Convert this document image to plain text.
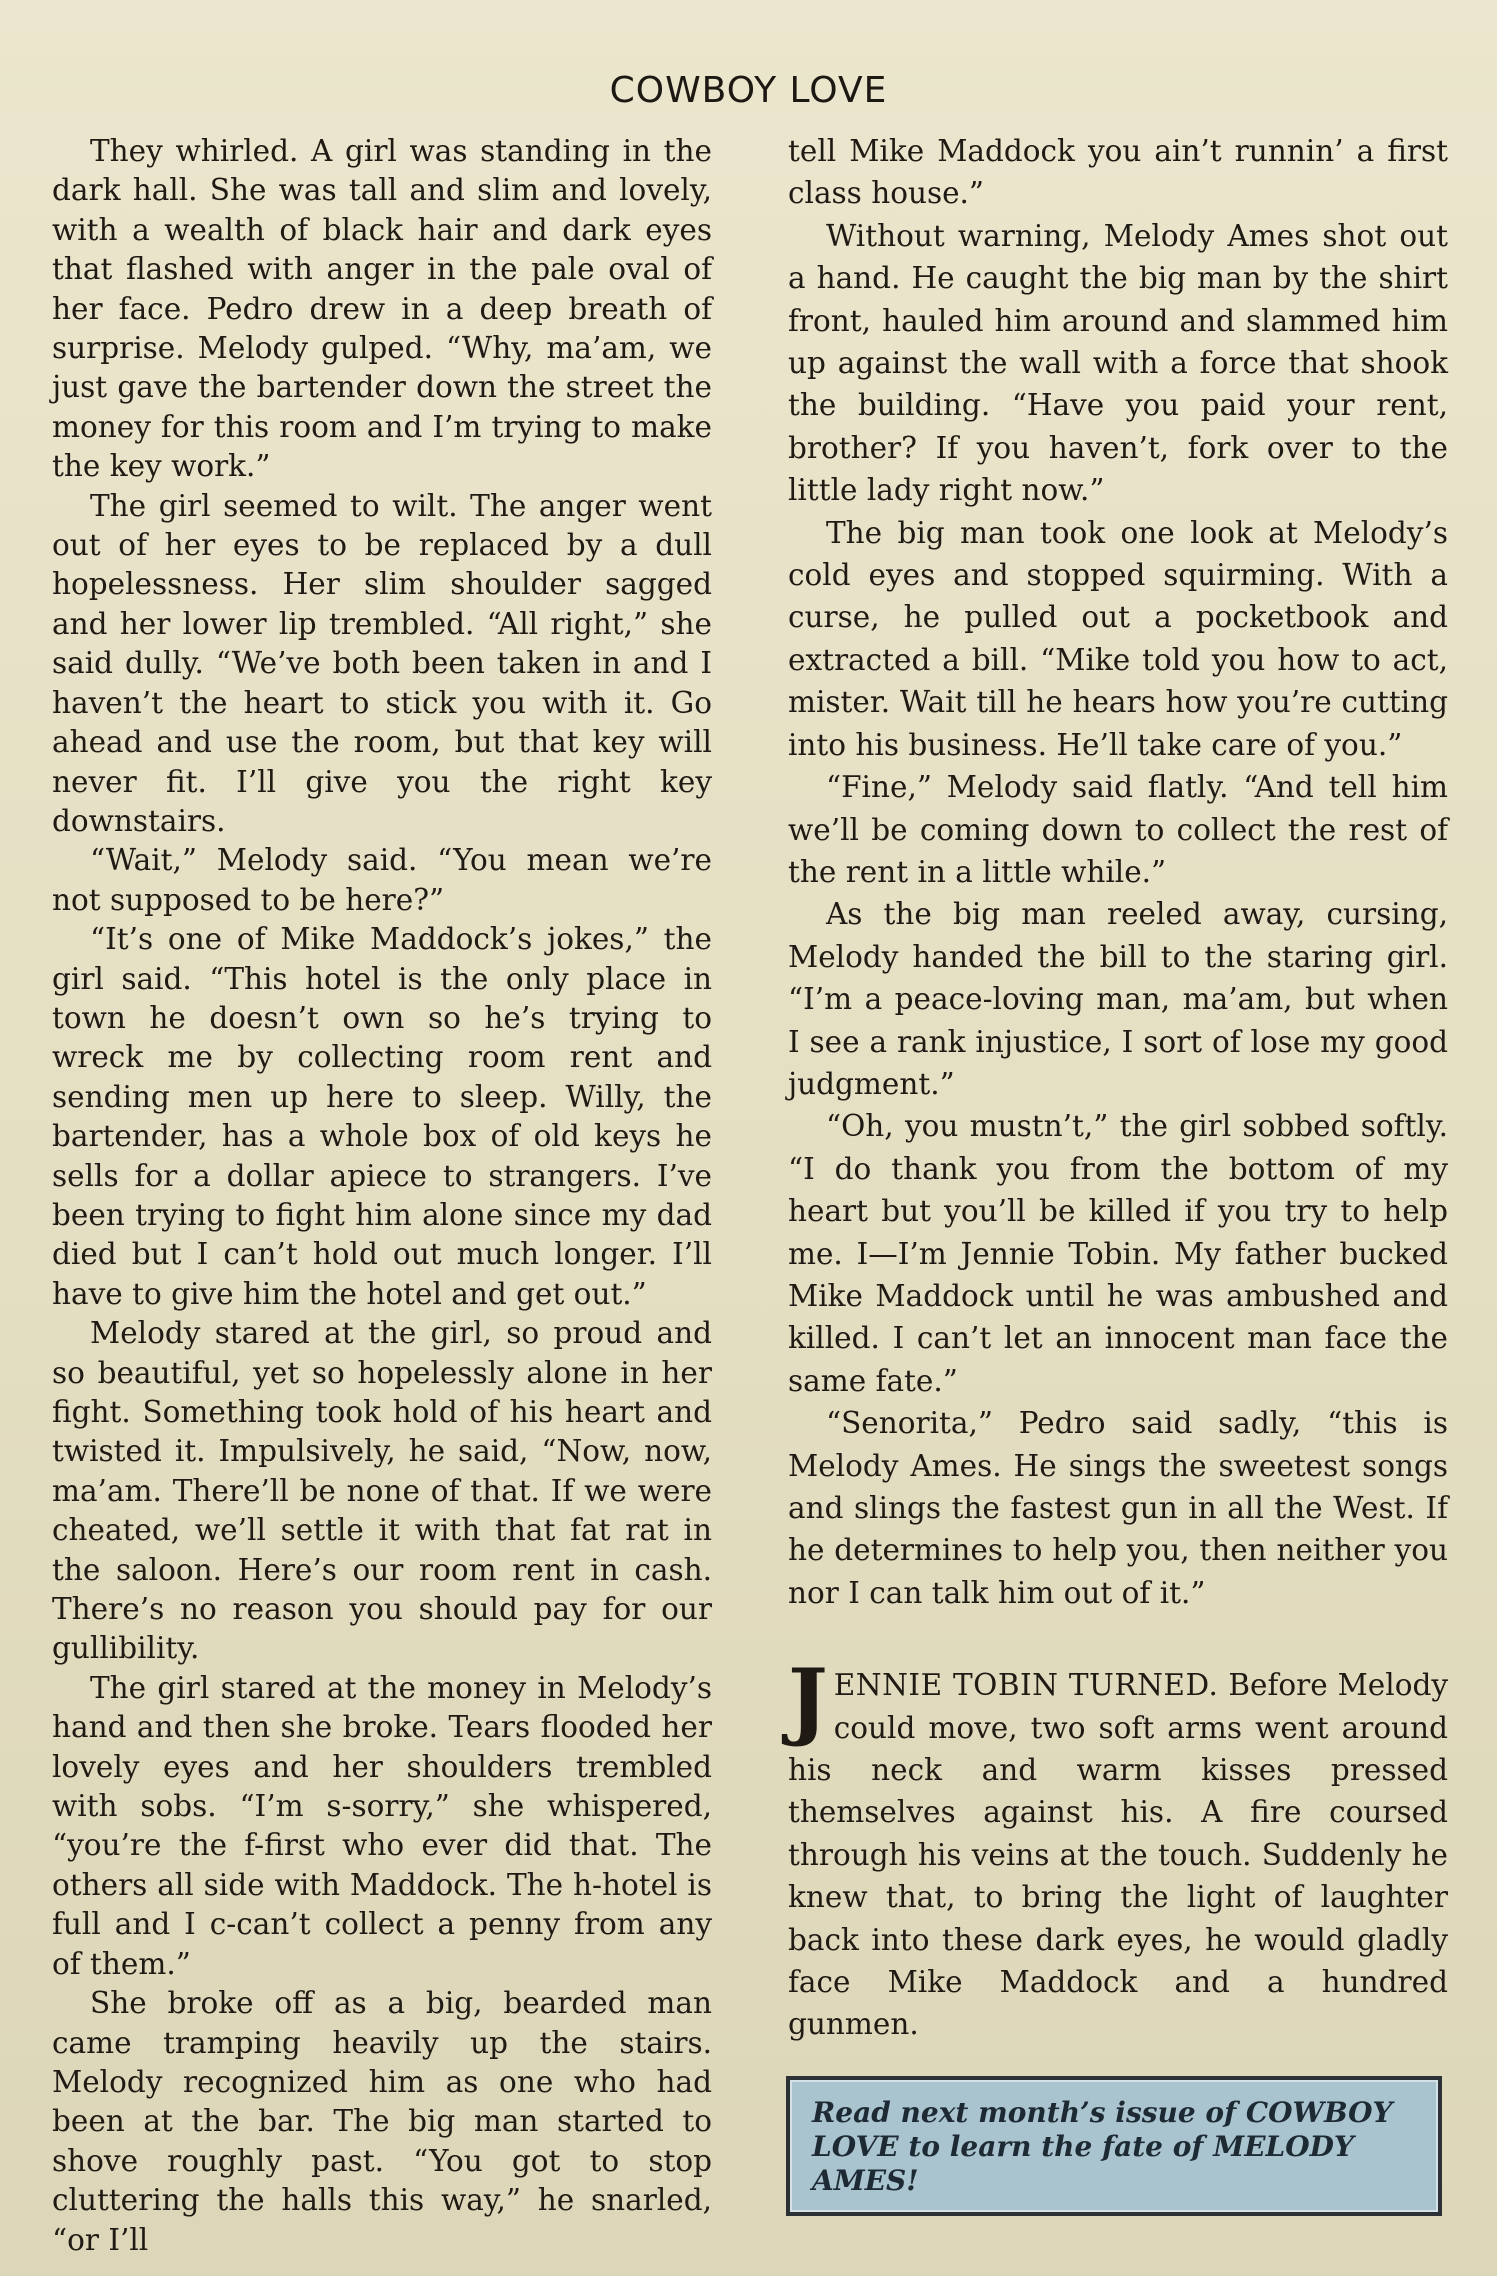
COWBOY LOVE

They whirled. A girl was standing in the dark hall. She was tall and slim and lovely, with a wealth of black hair and dark eyes that flashed with anger in the pale oval of her face. Pedro drew in a deep breath of surprise. Melody gulped. “Why, ma’am, we just gave the bartender down the street the money for this room and I’m trying to make the key work.”

The girl seemed to wilt. The anger went out of her eyes to be replaced by a dull hopelessness. Her slim shoulder sagged and her lower lip trembled. “All right,” she said dully. “We’ve both been taken in and I haven’t the heart to stick you with it. Go ahead and use the room, but that key will never fit. I’ll give you the right key downstairs.

“Wait,” Melody said. “You mean we’re not supposed to be here?”

“It’s one of Mike Maddock’s jokes,” the girl said. “This hotel is the only place in town he doesn’t own so he’s trying to wreck me by collecting room rent and sending men up here to sleep. Willy, the bartender, has a whole box of old keys he sells for a dollar apiece to strangers. I’ve been trying to fight him alone since my dad died but I can’t hold out much longer. I’ll have to give him the hotel and get out.”

Melody stared at the girl, so proud and so beautiful, yet so hopelessly alone in her fight. Something took hold of his heart and twisted it. Impulsively, he said, “Now, now, ma’am. There’ll be none of that. If we were cheated, we’ll settle it with that fat rat in the saloon. Here’s our room rent in cash. There’s no reason you should pay for our gullibility.

The girl stared at the money in Melody’s hand and then she broke. Tears flooded her lovely eyes and her shoulders trembled with sobs. “I’m s-sorry,” she whispered, “you’re the f-first who ever did that. The others all side with Maddock. The h-hotel is full and I c-can’t collect a penny from any of them.”

She broke off as a big, bearded man came tramping heavily up the stairs. Melody recognized him as one who had been at the bar. The big man started to shove roughly past. “You got to stop cluttering the halls this way,” he snarled, “or I’ll

tell Mike Maddock you ain’t runnin’ a first class house.”

Without warning, Melody Ames shot out a hand. He caught the big man by the shirt front, hauled him around and slammed him up against the wall with a force that shook the building. “Have you paid your rent, brother? If you haven’t, fork over to the little lady right now.”

The big man took one look at Melody’s cold eyes and stopped squirming. With a curse, he pulled out a pocketbook and extracted a bill. “Mike told you how to act, mister. Wait till he hears how you’re cutting into his business. He’ll take care of you.”

“Fine,” Melody said flatly. “And tell him we’ll be coming down to collect the rest of the rent in a little while.”

As the big man reeled away, cursing, Melody handed the bill to the staring girl. “I’m a peace-loving man, ma’am, but when I see a rank injustice, I sort of lose my good judgment.”

“Oh, you mustn’t,” the girl sobbed softly. “I do thank you from the bottom of my heart but you’ll be killed if you try to help me. I—I’m Jennie Tobin. My father bucked Mike Maddock until he was ambushed and killed. I can’t let an innocent man face the same fate.”

“Senorita,” Pedro said sadly, “this is Melody Ames. He sings the sweetest songs and slings the fastest gun in all the West. If he determines to help you, then neither you nor I can talk him out of it.”

JENNIE TOBIN TURNED. Before Melody could move, two soft arms went around his neck and warm kisses pressed themselves against his. A fire coursed through his veins at the touch. Suddenly he knew that, to bring the light of laughter back into these dark eyes, he would gladly face Mike Maddock and a hundred gunmen.

Read next month’s issue of COWBOY LOVE to learn the fate of MELODY AMES!
